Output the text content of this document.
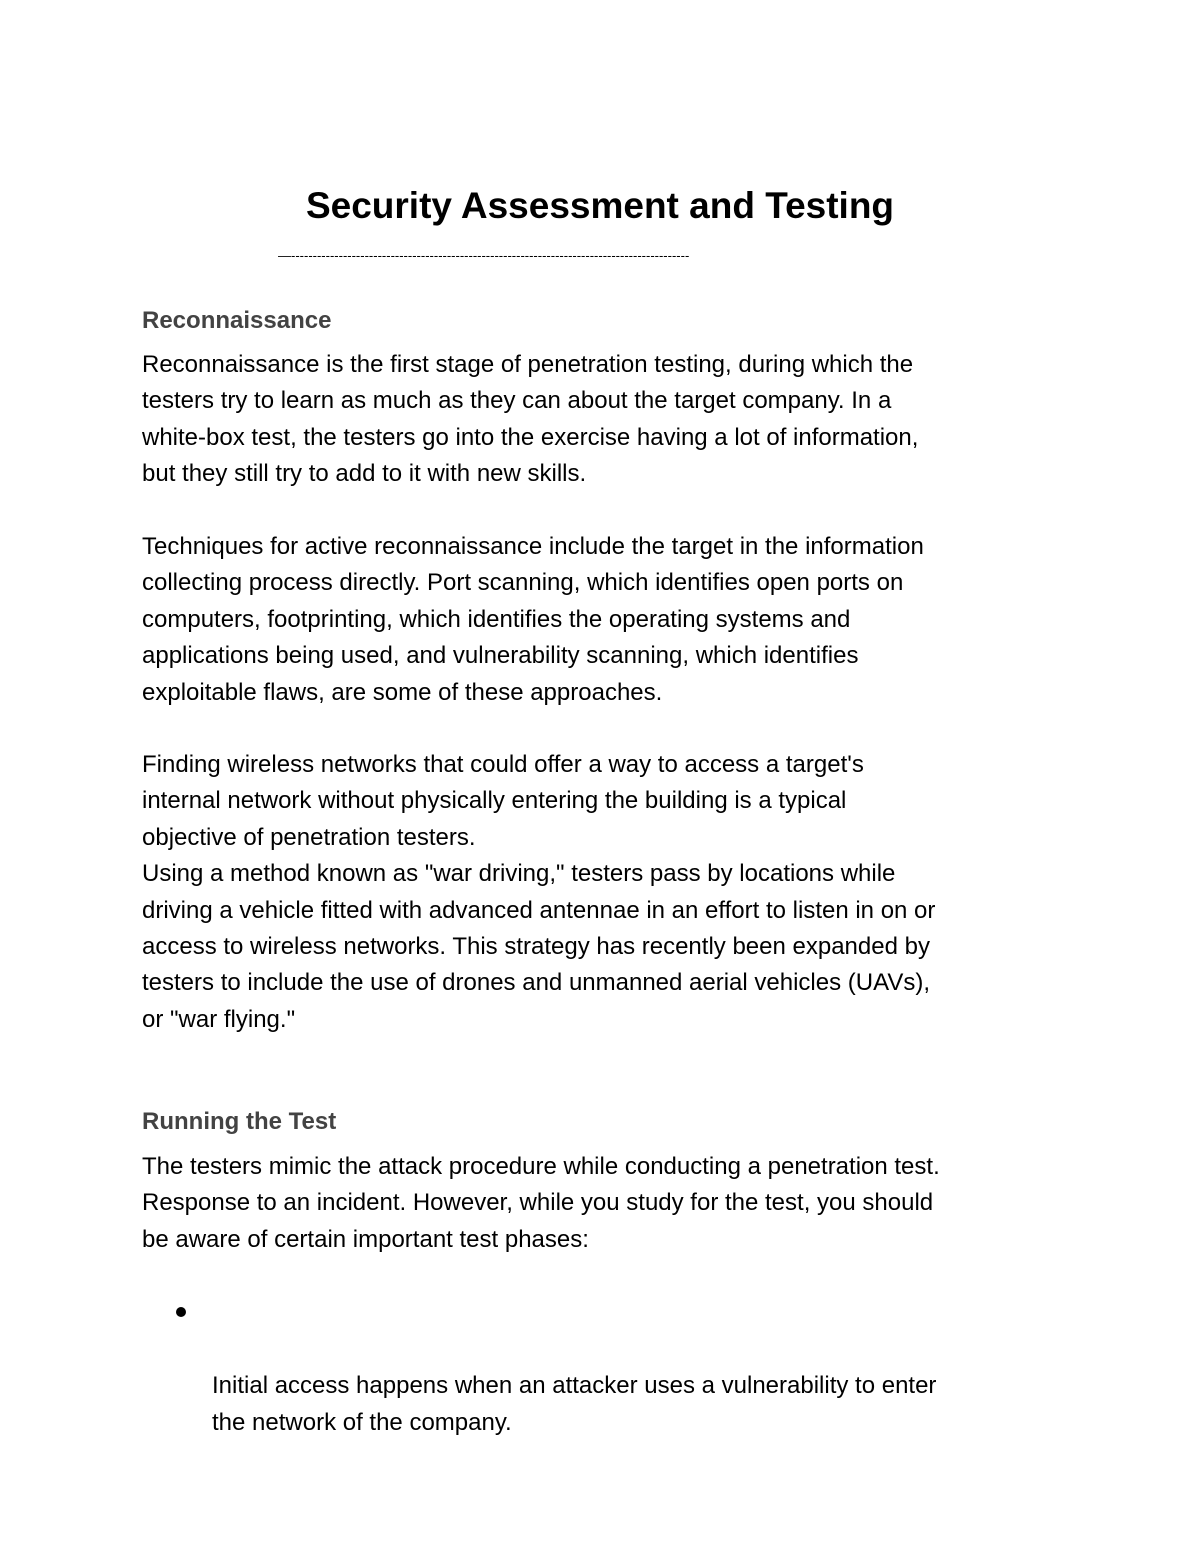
Security Assessment and Testing
—--------------------------------------------------------------------------------------------
Reconnaissance

Reconnaissance is the first stage of penetration testing, during which the
testers try to learn as much as they can about the target company. In a
white-box test, the testers go into the exercise having a lot of information,
but they still try to add to it with new skills.

Techniques for active reconnaissance include the target in the information
collecting process directly. Port scanning, which identifies open ports on
computers, footprinting, which identifies the operating systems and
applications being used, and vulnerability scanning, which identifies
exploitable flaws, are some of these approaches.

Finding wireless networks that could offer a way to access a target's
internal network without physically entering the building is a typical
objective of penetration testers.
Using a method known as "war driving," testers pass by locations while
driving a vehicle fitted with advanced antennae in an effort to listen in on or
access to wireless networks. This strategy has recently been expanded by
testers to include the use of drones and unmanned aerial vehicles (UAVs),
or "war flying."

Running the Test

The testers mimic the attack procedure while conducting a penetration test.
Response to an incident. However, while you study for the test, you should
be aware of certain important test phases:

Initial access happens when an attacker uses a vulnerability to enter
the network of the company.
